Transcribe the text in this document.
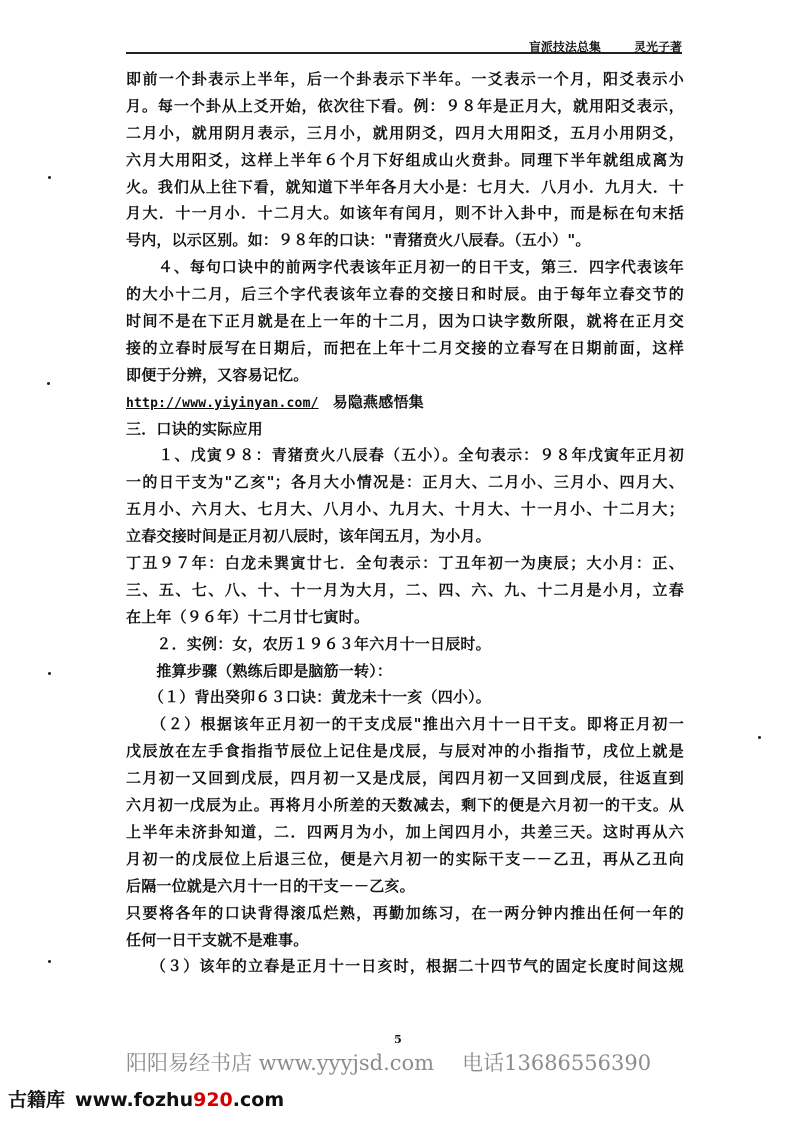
$_{盲派技法总集}$	$_{灵光子著}$
即前一个卦表示上半年，后一个卦表示下半年。一爻表示一个月，阳爻表示小
月。每一个卦从上爻开始，依次往下看。例：９８年是正月大，就用阳爻表示，
二月小，就用阴月表示，三月小，就用阴爻，四月大用阳爻，五月小用阴爻，
六月大用阳爻，这样上半年６个月下好组成山火贲卦。同理下半年就组成离为
火。我们从上往下看，就知道下半年各月大小是：七月大．八月小．九月大．十
月大．十一月小．十二月大。如该年有闰月，则不计入卦中，而是标在句末括
号内，以示区别。如：９８年的口诀："青猪贲火八辰春。（五小）"。
　　４、每句口诀中的前两字代表该年正月初一的日干支，第三．四字代表该年
的大小十二月，后三个字代表该年立春的交接日和时辰。由于每年立春交节的
时间不是在下正月就是在上一年的十二月，因为口诀字数所限，就将在正月交
接的立春时辰写在日期后，而把在上年十二月交接的立春写在日期前面，这样
即便于分辨，又容易记忆。
http://www.yiyinyan.com/ 易隐燕感悟集
三．口诀的实际应用
　　１、戊寅９８：青猪贲火八辰春（五小）。全句表示：９８年戊寅年正月初
一的日干支为"乙亥"；各月大小情况是：正月大、二月小、三月小、四月大、
五月小、六月大、七月大、八月小、九月大、十月大、十一月小、十二月大；
立春交接时间是正月初八辰时，该年闰五月，为小月。
丁丑９７年：白龙未巽寅廿七．全句表示：丁丑年初一为庚辰；大小月：正、
三、五、七、八、十、十一月为大月，二、四、六、九、十二月是小月，立春
在上年（９６年）十二月廿七寅时。
　　２．实例：女，农历１９６３年六月十一日辰时。
　　推算步骤（熟练后即是脑筋一转）：
　　（１）背出癸卯６３口诀：黄龙未十一亥（四小）。
　　（２）根据该年正月初一的干支戊辰"推出六月十一日干支。即将正月初一
戊辰放在左手食指指节辰位上记住是戊辰，与辰对冲的小指指节，戌位上就是
二月初一又回到戊辰，四月初一又是戊辰，闰四月初一又回到戊辰，往返直到
六月初一戊辰为止。再将月小所差的天数减去，剩下的便是六月初一的干支。从
上半年未济卦知道，二．四两月为小，加上闰四月小，共差三天。这时再从六
月初一的戊辰位上后退三位，便是六月初一的实际干支－－乙丑，再从乙丑向
后隔一位就是六月十一日的干支－－乙亥。
只要将各年的口诀背得滚瓜烂熟，再勤加练习，在一两分钟内推出任何一年的
任何一日干支就不是难事。
　　（３）该年的立春是正月十一日亥时，根据二十四节气的固定长度时间这规
5
阳阳易经书店 www.yyyjsd.com 电话13686556390
古籍库 www.fozhu920.com
